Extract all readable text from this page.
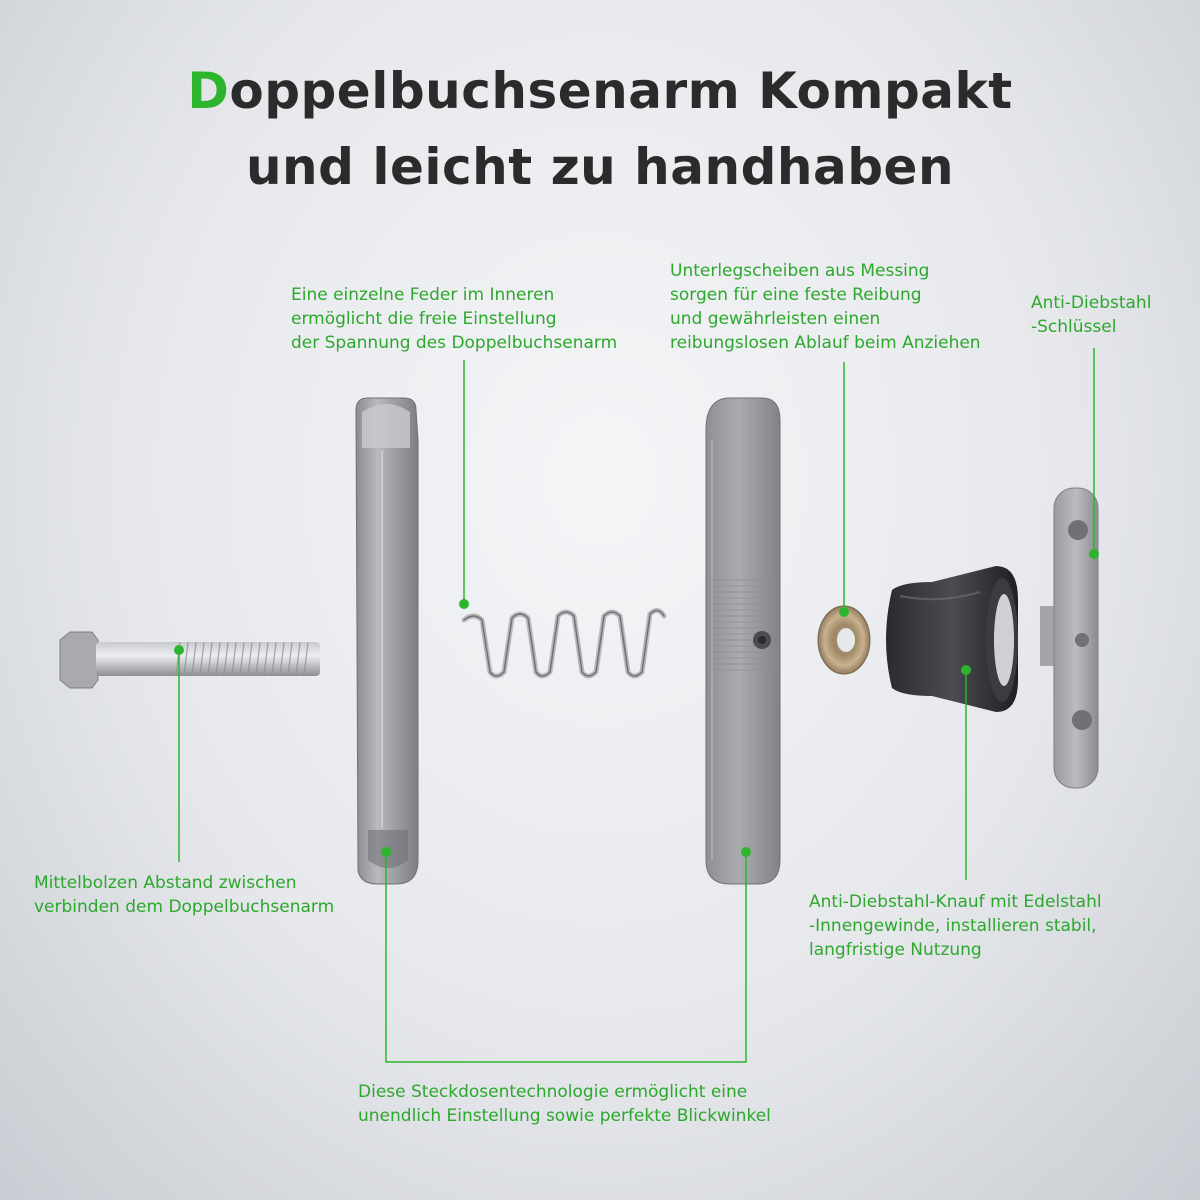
Doppelbuchsenarm Kompakt
und leicht zu handhaben
Eine einzelne Feder im Inneren
ermöglicht die freie Einstellung
der Spannung des Doppelbuchsenarm
Unterlegscheiben aus Messing
sorgen für eine feste Reibung
und gewährleisten einen
reibungslosen Ablauf beim Anziehen
Anti-Diebstahl
-Schlüssel
Mittelbolzen Abstand zwischen
verbinden dem Doppelbuchsenarm	Anti-Diebstahl-Knauf mit Edelstahl
-Innengewinde, installieren stabil,
langfristige Nutzung
Diese Steckdosentechnologie ermöglicht eine
unendlich Einstellung sowie perfekte Blickwinkel
